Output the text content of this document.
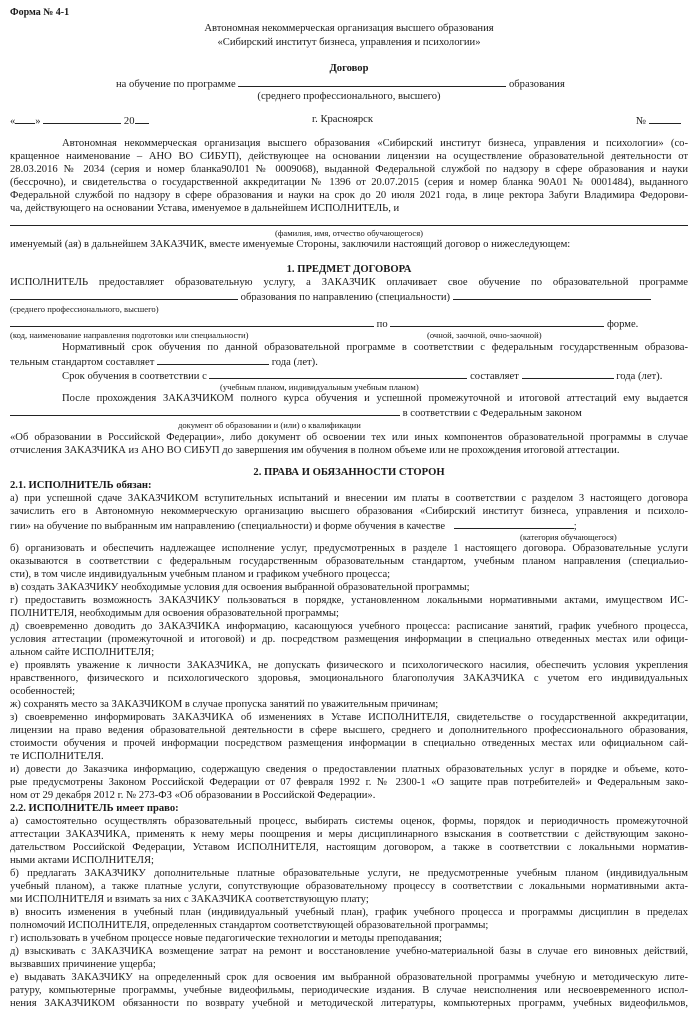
Форма № 4-1
Автономная некоммерческая организация высшего образования
«Сибирский институт бизнеса, управления и психологии»
Договор
на обучение по программе	образования
(среднего профессионального, высшего)
« »	20	г. Красноярск	№
Автономная некоммерческая организация высшего образования «Сибирский институт бизнеса, управления и психологии» (со-
кращенное наименование – АНО ВО СИБУП), действующее на основании лицензии на осуществление образовательной деятельности от
28.03.2016 № 2034 (серия и номер бланка90Л01 № 0009068), выданной Федеральной службой по надзору в сфере образования и науки
(бессрочно), и свидетельства о государственной аккредитации № 1396 от 20.07.2015 (серия и номер бланка 90А01 № 0001484), выданного
Федеральной службой по надзору в сфере образования и науки на срок до 20 июля 2021 года, в лице ректора Забуги Владимира Федорови-
ча, действующего на основании Устава, именуемое в дальнейшем ИСПОЛНИТЕЛЬ, и
(фамилия, имя, отчество обучающегося)
именуемый (ая) в дальнейшем ЗАКАЗЧИК, вместе именуемые Стороны, заключили настоящий договор о нижеследующем:
1. ПРЕДМЕТ ДОГОВОРА
ИСПОЛНИТЕЛЬ предоставляет образовательную услугу, а ЗАКАЗЧИК оплачивает свое обучение по образовательной программе
образования по направлению (специальности)
(среднего профессионального, высшего)
по	форме.
(код, наименование направления подготовки или специальности)	(очной, заочной, очно-заочной)
Нормативный срок обучения по данной образовательной программе в соответствии с федеральным государственным образова-
тельным стандартом составляет	года (лет).
Срок обучения в соответствии с	составляет	года (лет).
(учебным планом, индивидуальным учебным планом)
После прохождения ЗАКАЗЧИКОМ полного курса обучения и успешной промежуточной и итоговой аттестаций ему выдается
в соответствии с Федеральным законом
документ об образовании и (или) о квалификации
«Об образовании в Российской Федерации», либо документ об освоении тех или иных компонентов образовательной программы в случае
отчисления ЗАКАЗЧИКА из АНО ВО СИБУП до завершения им обучения в полном объеме или не прохождения итоговой аттестации.
2. ПРАВА И ОБЯЗАННОСТИ СТОРОН
2.1. ИСПОЛНИТЕЛЬ обязан:
а) при успешной сдаче ЗАКАЗЧИКОМ вступительных испытаний и внесении им платы в соответствии с разделом 3 настоящего договора
зачислить его в Автономную некоммерческую организацию высшего образования «Сибирский институт бизнеса, управления и психоло-
гии» на обучение по выбранным им направлению (специальности) и форме обучения в качестве	;
(категория обучающегося)
б) организовать и обеспечить надлежащее исполнение услуг, предусмотренных в разделе 1 настоящего договора. Образовательные услуги
оказываются в соответствии с федеральным государственным образовательным стандартом, учебным планом направления (специальио-
сти), в том числе индивидуальным учебным планом и графиком учебного процесса;
в) создать ЗАКАЗЧИКУ необходимые условия для освоения выбранной образовательной программы;
г) предоставить возможность ЗАКАЗЧИКУ пользоваться в порядке, установленном локальными нормативными актами, имуществом ИС-
ПОЛНИТЕЛЯ, необходимым для освоения образовательной программы;
д) своевременно доводить до ЗАКАЗЧИКА информацию, касающуюся учебного процесса: расписание занятий, график учебного процесса,
условия аттестации (промежуточной и итоговой) и др. посредством размещения информации в специально отведенных местах или офици-
альном сайте ИСПОЛНИТЕЛЯ;
е) проявлять уважение к личности ЗАКАЗЧИКА, не допускать физического и психологического насилия, обеспечить условия укрепления
нравственного, физического и психологического здоровья, эмоционального благополучия ЗАКАЗЧИКА с учетом его индивидуальных
особенностей;
ж) сохранять место за ЗАКАЗЧИКОМ в случае пропуска занятий по уважительным причинам;
з) своевременно информировать ЗАКАЗЧИКА об изменениях в Уставе ИСПОЛНИТЕЛЯ, свидетельстве о государственной аккредитации,
лицензии на право ведения образовательной деятельности в сфере высшего, среднего и дополнительного профессионального образования,
стоимости обучения и прочей информации посредством размещения информации в специально отведенных местах или официальном сай-
те ИСПОЛНИТЕЛЯ.
и) довести до Заказчика информацию, содержащую сведения о предоставлении платных образовательных услуг в порядке и объеме, кото-
рые предусмотрены Законом Российской Федерации от 07 февраля 1992 г. № 2300-1 «О защите прав потребителей» и Федеральным зако-
ном от 29 декабря 2012 г. № 273-ФЗ «Об образовании в Российской Федерации».
2.2. ИСПОЛНИТЕЛЬ имеет право:
а) самостоятельно осуществлять образовательный процесс, выбирать системы оценок, формы, порядок и периодичность промежуточной
аттестации ЗАКАЗЧИКА, применять к нему меры поощрения и меры дисциплинарного взыскания в соответствии с действующим законо-
дательством Российской Федерации, Уставом ИСПОЛНИТЕЛЯ, настоящим договором, а также в соответствии с локальными норматив-
ными актами ИСПОЛНИТЕЛЯ;
б) предлагать ЗАКАЗЧИКУ дополнительные платные образовательные услуги, не предусмотренные учебным планом (индивидуальным
учебный планом), а также платные услуги, сопутствующие образовательному процессу в соответствии с локальными нормативными акта-
ми ИСПОЛНИТЕЛЯ и взимать за них с ЗАКАЗЧИКА соответствующую плату;
в) вносить изменения в учебный план (индивидуальный учебный план), график учебного процесса и программы дисциплин в пределах
полномочий ИСПОЛНИТЕЛЯ, определенных стандартом соответствующей образовательной программы;
г) использовать в учебном процессе новые педагогические технологии и методы преподавания;
д) взыскивать с ЗАКАЗЧИКА возмещение затрат на ремонт и восстановление учебно-материальной базы в случае его виновных действий,
вызвавших причинение ущерба;
е) выдавать ЗАКАЗЧИКУ на определенный срок для освоения им выбранной образовательной программы учебную и методическую лите-
ратуру, компьютерные программы, учебные видеофильмы, периодические издания. В случае неисполнения или несвоевременного испол-
нения ЗАКАЗЧИКОМ обязанности по возврату учебной и методической литературы, компьютерных программ, учебных видеофильмов,
